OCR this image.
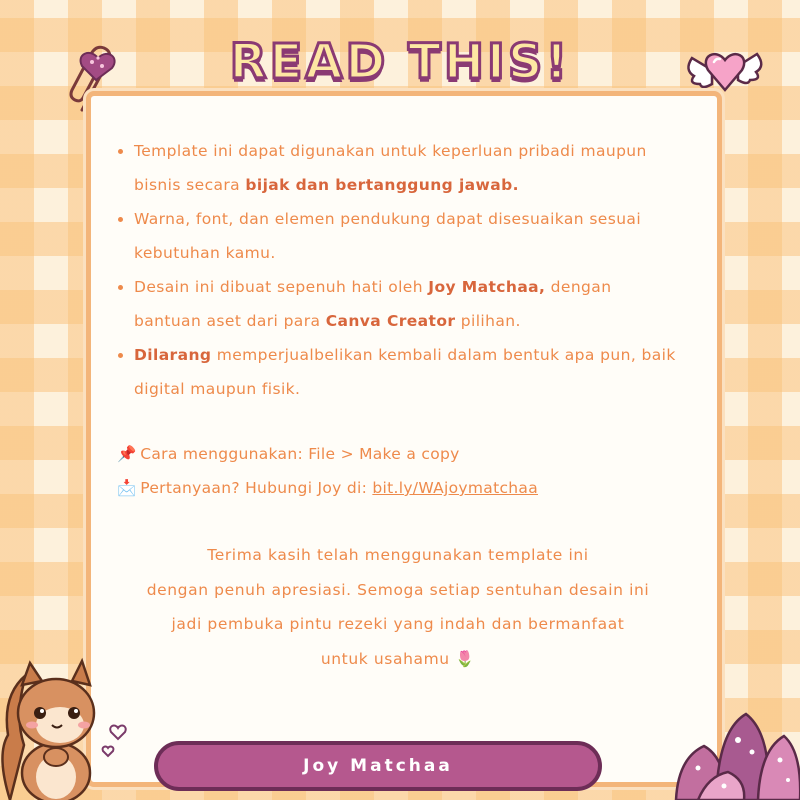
READ THIS!
Template ini dapat digunakan untuk keperluan pribadi maupun bisnis secara bijak dan bertanggung jawab.
Warna, font, dan elemen pendukung dapat disesuaikan sesuai kebutuhan kamu.
Desain ini dibuat sepenuh hati oleh Joy Matchaa, dengan bantuan aset dari para Canva Creator pilihan.
Dilarang memperjualbelikan kembali dalam bentuk apa pun, baik digital maupun fisik.
📌 Cara menggunakan: File > Make a copy
📩 Pertanyaan? Hubungi Joy di: bit.ly/WAjoymatchaa
Terima kasih telah menggunakan template ini
dengan penuh apresiasi. Semoga setiap sentuhan desain ini
jadi pembuka pintu rezeki yang indah dan bermanfaat
untuk usahamu 🌷
Joy Matchaa
